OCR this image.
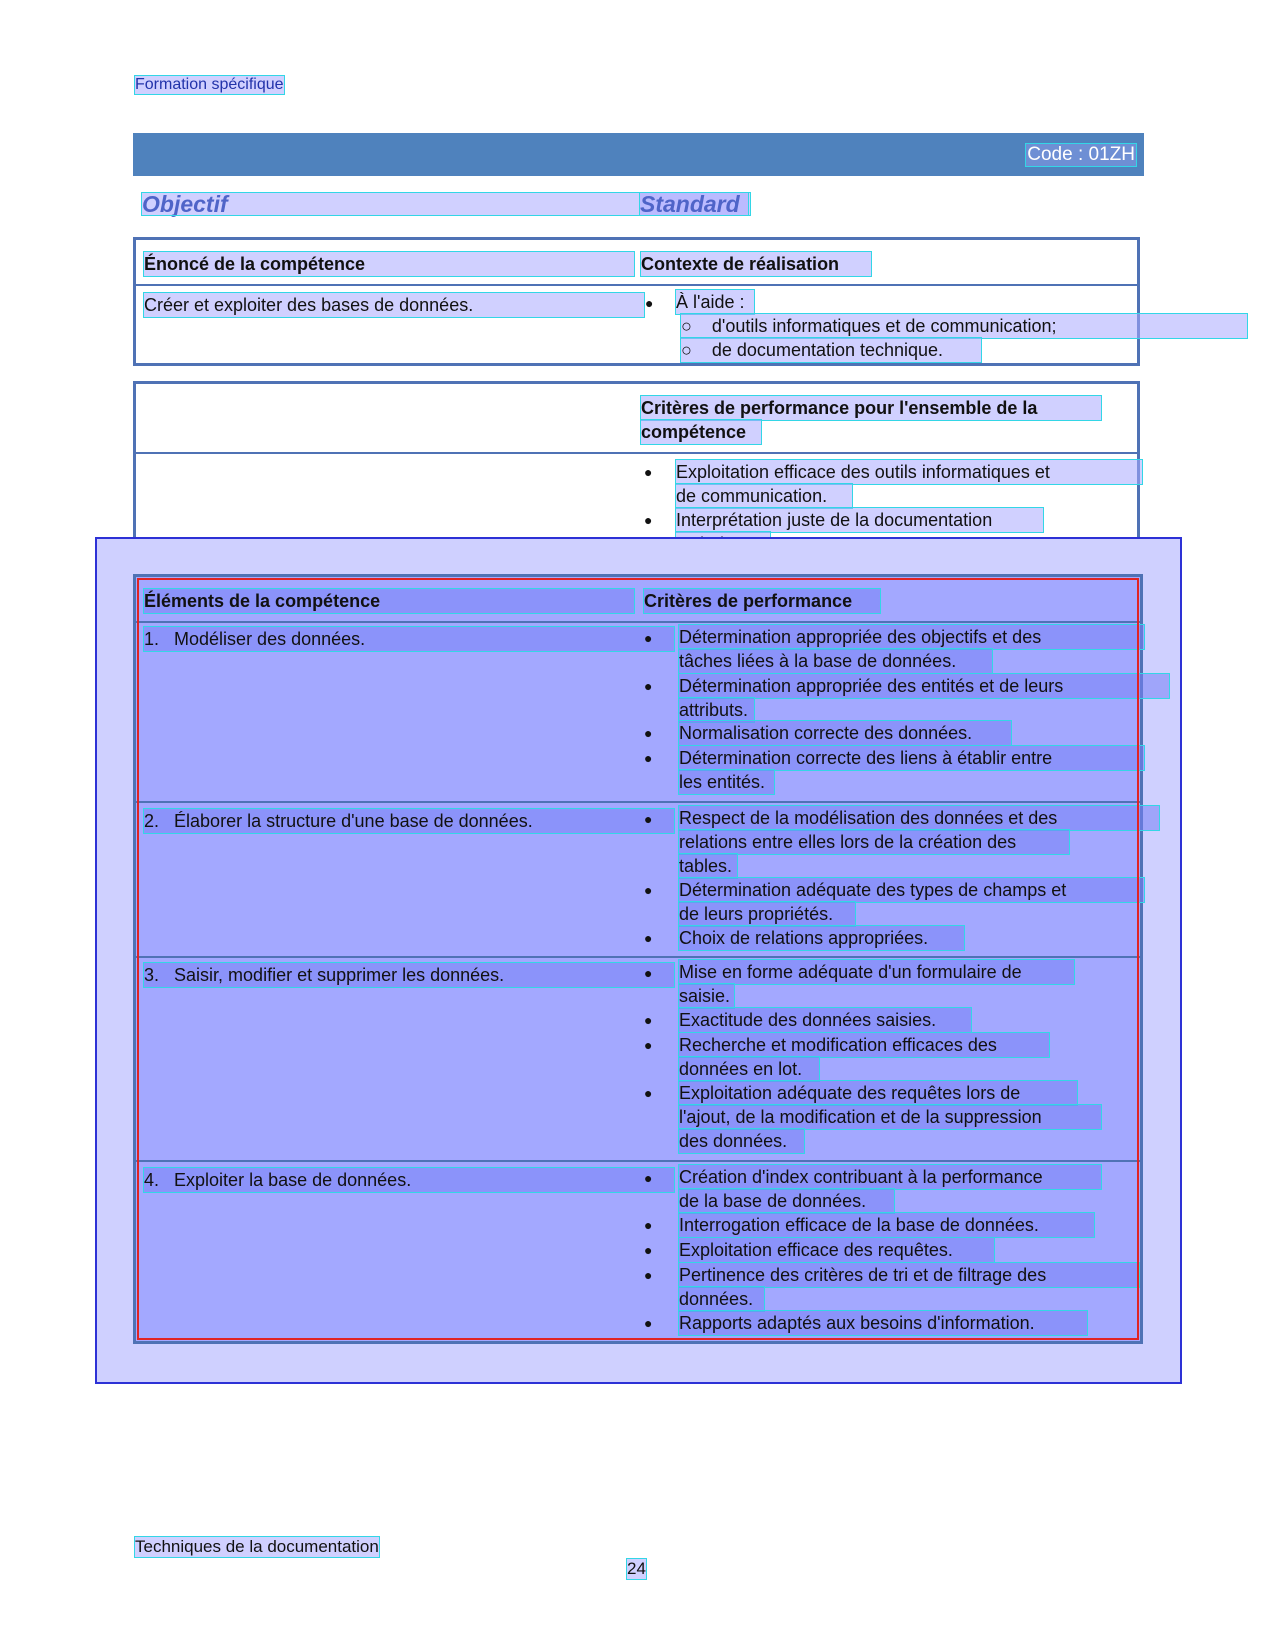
Formation spécifique
Code : 01ZH
Objectif	Standard
Énoncé de la compétence	Contexte de réalisation
Créer et exploiter des bases de données.	● À l'aide :
○ d'outils informatiques et de communication;
○ de documentation technique.
Critères de performance pour l'ensemble de la
compétence
● Exploitation efficace des outils informatiques et
de communication.
● Interprétation juste de la documentation
Éléments de la compétence	Critères de performance
1. Modéliser des données.	● Détermination appropriée des objectifs et des
tâches liées à la base de données.
● Détermination appropriée des entités et de leurs
attributs.
● Normalisation correcte des données.
● Détermination correcte des liens à établir entre
les entités.
2. Élaborer la structure d'une base de données.	● Respect de la modélisation des données et des
relations entre elles lors de la création des
tables.
● Détermination adéquate des types de champs et
de leurs propriétés.
● Choix de relations appropriées.
3. Saisir, modifier et supprimer les données.	● Mise en forme adéquate d'un formulaire de
saisie.
● Exactitude des données saisies.
● Recherche et modification efficaces des
données en lot.
● Exploitation adéquate des requêtes lors de
l'ajout, de la modification et de la suppression
des données.
4. Exploiter la base de données.	● Création d'index contribuant à la performance
de la base de données.
● Interrogation efficace de la base de données.
● Exploitation efficace des requêtes.
● Pertinence des critères de tri et de filtrage des
données.
● Rapports adaptés aux besoins d'information.
Techniques de la documentation
24
